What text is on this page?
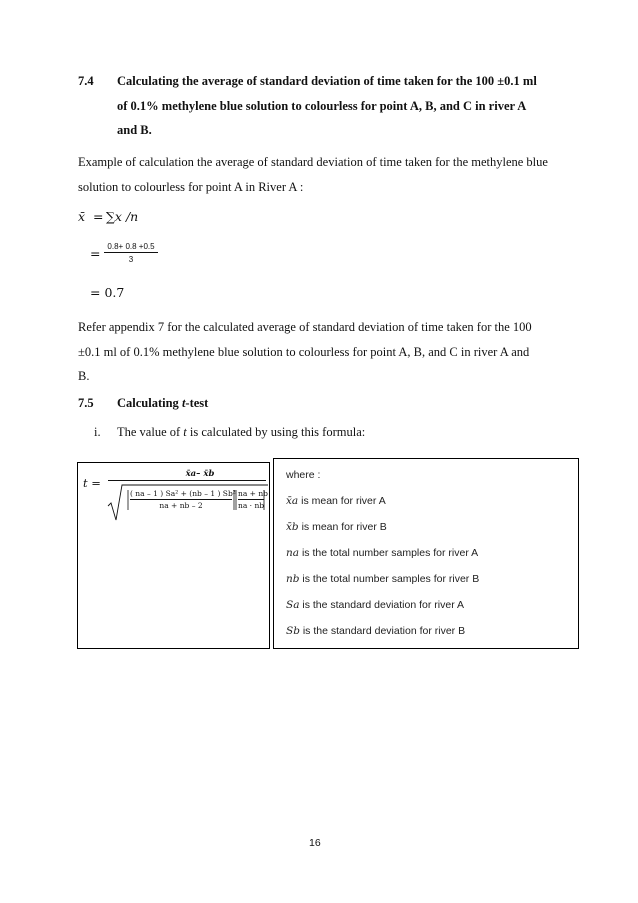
7.4 Calculating the average of standard deviation of time taken for the 100 ±0.1 ml
of 0.1% methylene blue solution to colourless for point A, B, and C in river A
and B.
Example of calculation the average of standard deviation of time taken for the methylene blue
solution to colourless for point A in River A :
x̄ = ∑x /n
= $\frac{0.8+ 0.8 +0.5}{3}$
= 0.7
Refer appendix 7 for the calculated average of standard deviation of time taken for the 100
±0.1 ml of 0.1% methylene blue solution to colourless for point A, B, and C in river A and
B.
7.5 Calculating t-test
i. The value of t is calculated by using this formula:
t =
x̄a– x̄b
$\frac{\text{( na – 1 ) Sa² + (nb – 1 ) Sb²}}{na + nb - 2} \frac{na + nb}{na \cdot nb}$
where :
x̄a is mean for river A
x̄b is mean for river B
na is the total number samples for river A
nb is the total number samples for river B
Sa is the standard deviation for river A
Sb is the standard deviation for river B
16
